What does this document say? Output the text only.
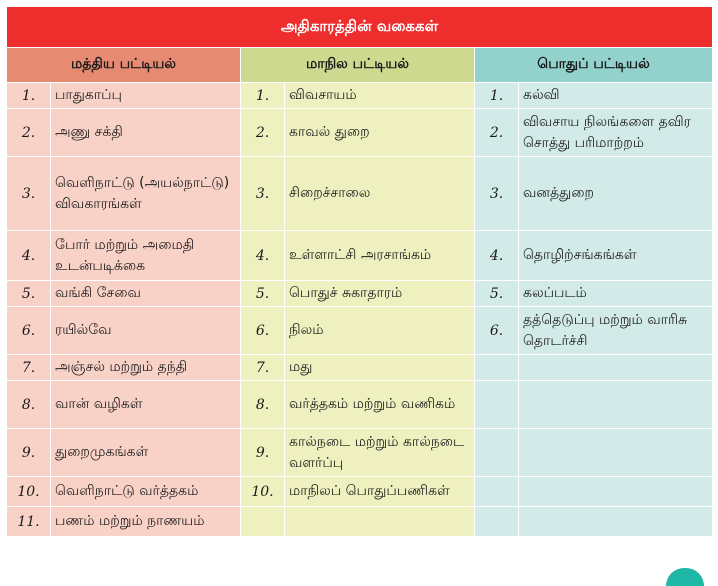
அதிகாரத்தின் வகைகள்					
மத்திய பட்டியல்		மாநில பட்டியல்		பொதுப் பட்டியல்	
1.	பாதுகாப்பு	1.	விவசாயம்	1.	கல்வி
2.	அணு சக்தி	2.	காவல் துறை	2.	விவசாய நிலங்களை தவிர சொத்து பரிமாற்றம்
3.	வெளிநாட்டு (அயல்நாட்டு) விவகாரங்கள்	3.	சிறைச்சாலை	3.	வனத்துறை
4.	போர் மற்றும் அமைதி உடன்படிக்கை	4.	உள்ளாட்சி அரசாங்கம்	4.	தொழிற்சங்கங்கள்
5.	வங்கி சேவை	5.	பொதுச் சுகாதாரம்	5.	கலப்படம்
6.	ரயில்வே	6.	நிலம்	6.	தத்தெடுப்பு மற்றும் வாரிசு தொடர்ச்சி
7.	அஞ்சல் மற்றும் தந்தி	7.	மது		
8.	வான் வழிகள்	8.	வர்த்தகம் மற்றும் வணிகம்		
9.	துறைமுகங்கள்	9.	கால்நடை மற்றும் கால்நடை வளர்ப்பு		
10.	வெளிநாட்டு வர்த்தகம்	10.	மாநிலப் பொதுப்பணிகள்		
11.	பணம் மற்றும் நாணயம்				
